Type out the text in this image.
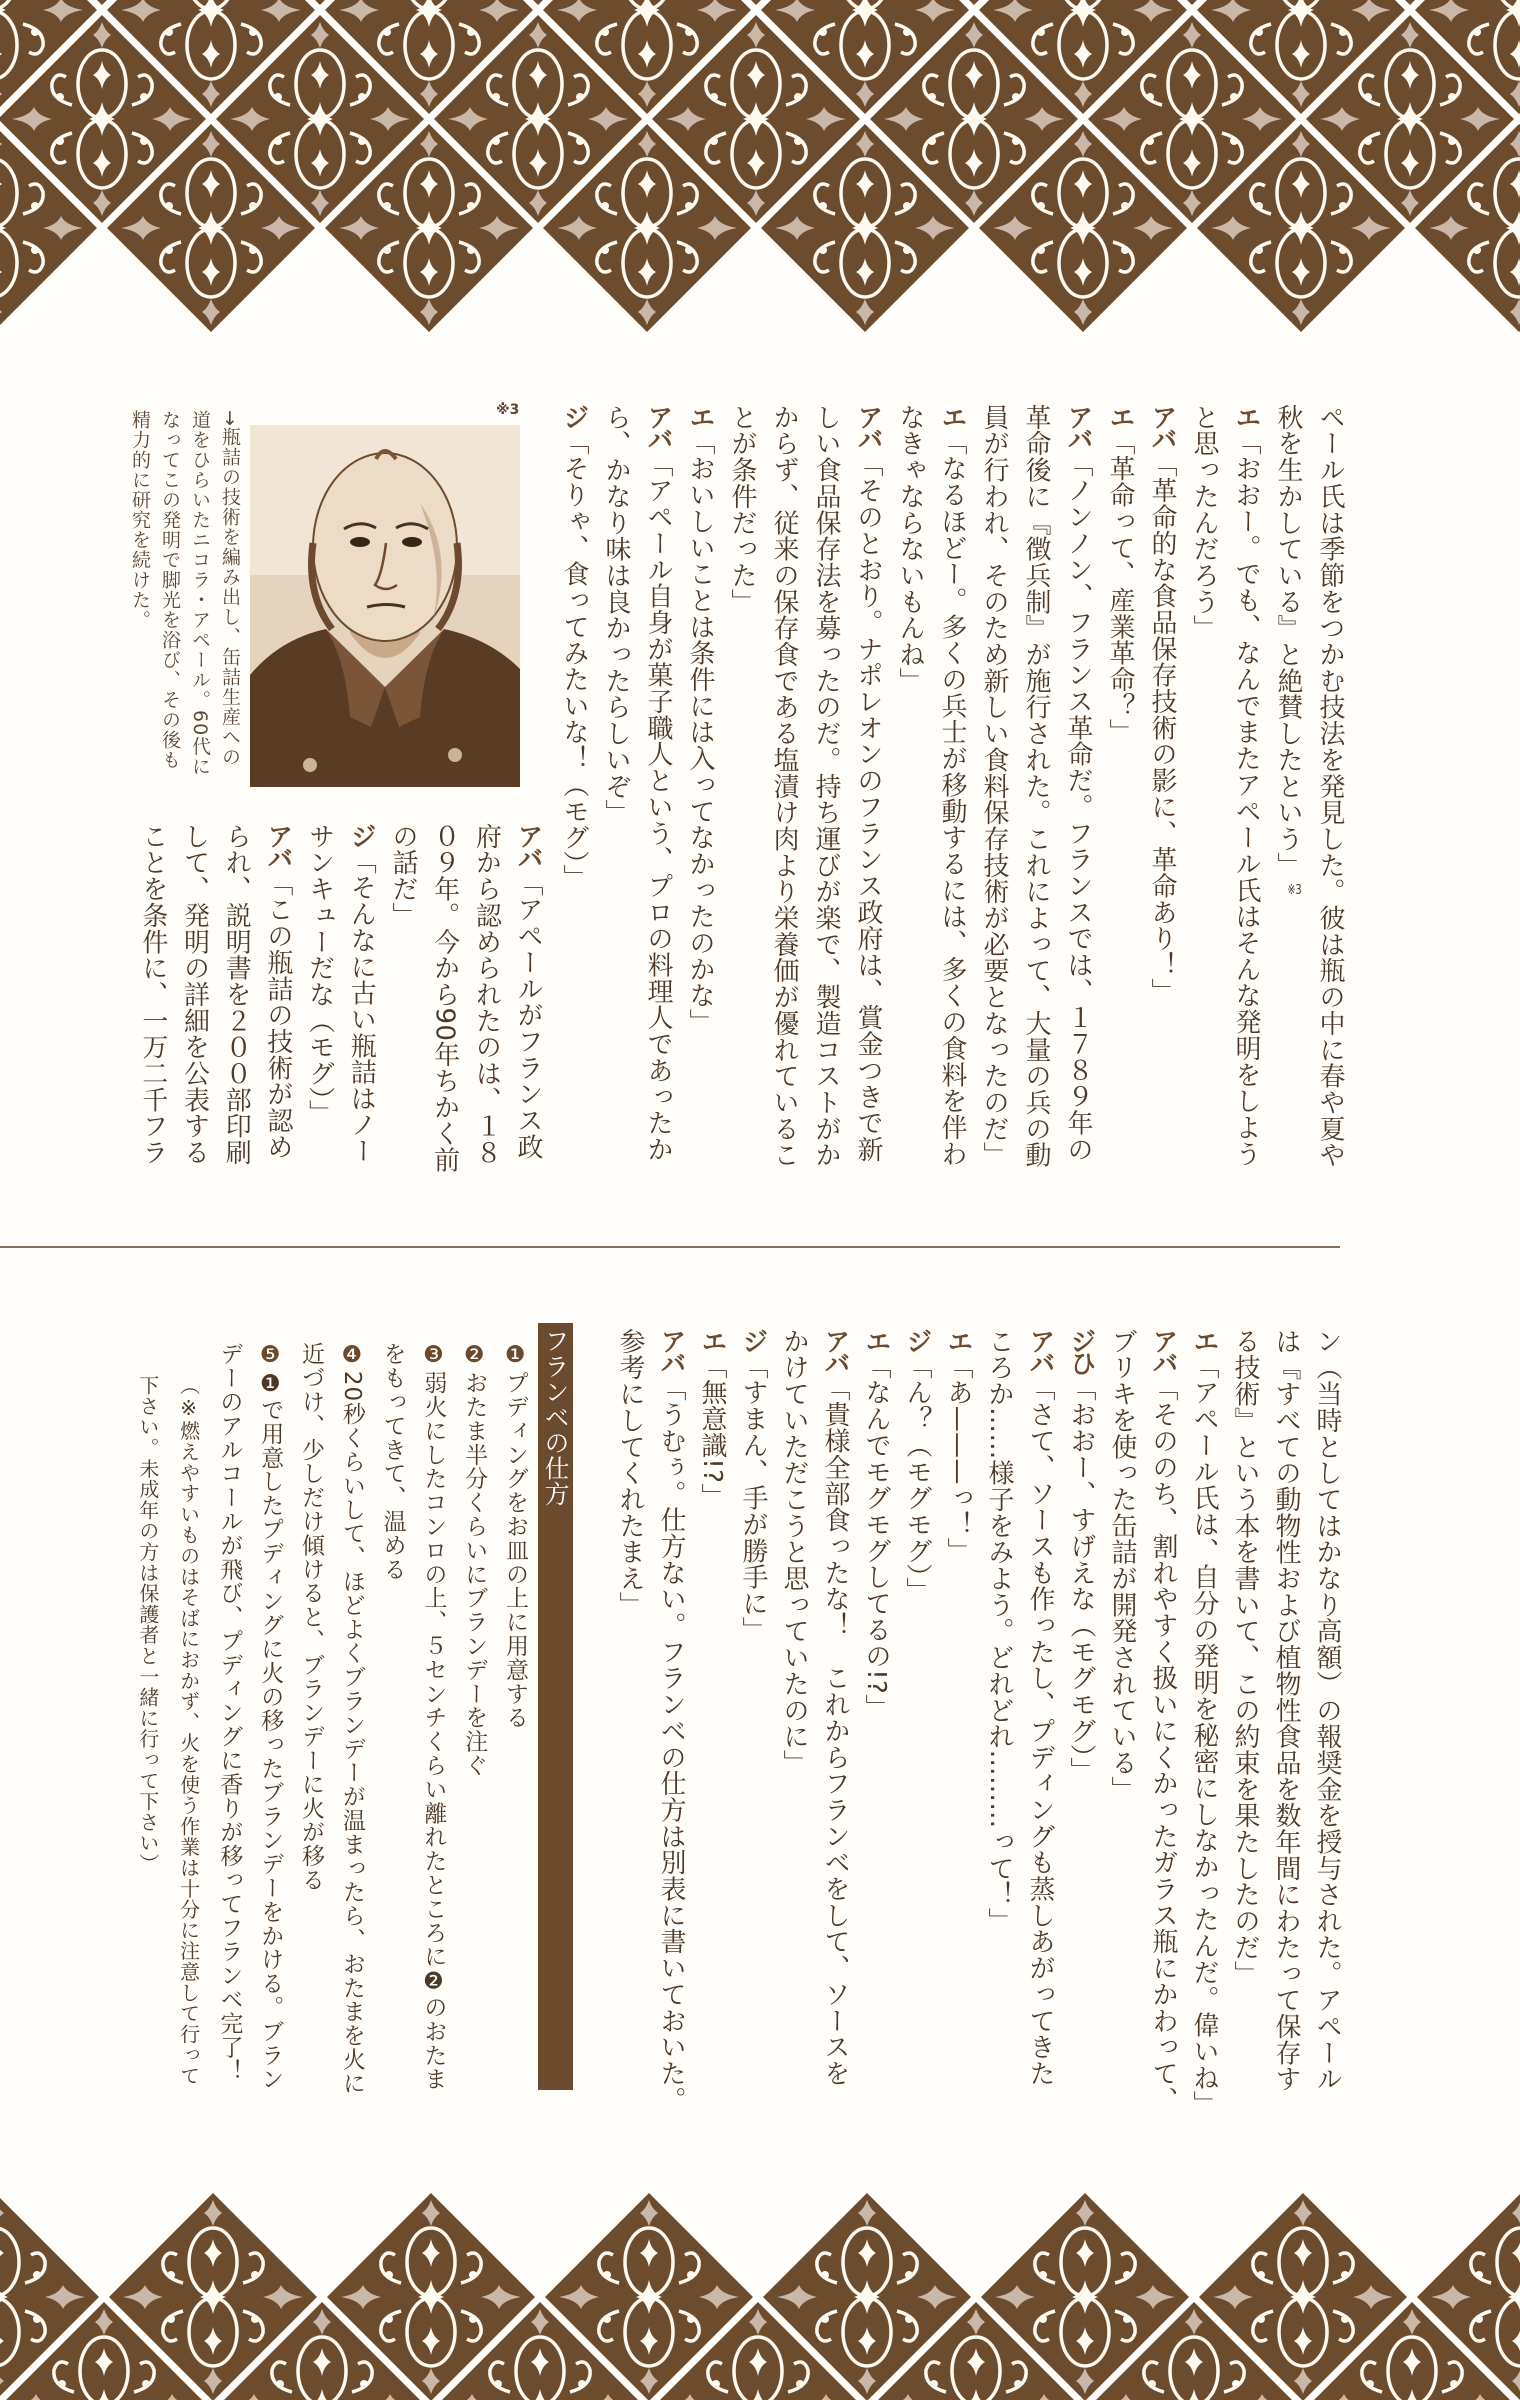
ペール氏は季節をつかむ技法を発見した。彼は瓶の中に春や夏や
秋を生かしている』と絶賛したという」※3
エ「おおー。でも、なんでまたアペール氏はそんな発明をしよう
と思ったんだろう」
アバ「革命的な食品保存技術の影に、革命あり！」
エ「革命って、産業革命？」
アバ「ノンノン、フランス革命だ。フランスでは、１７８９年の
革命後に『徴兵制』が施行された。これによって、大量の兵の動
員が行われ、そのため新しい食料保存技術が必要となったのだ」
エ「なるほどー。多くの兵士が移動するには、多くの食料を伴わ
なきゃならないもんね」
アバ「そのとおり。ナポレオンのフランス政府は、賞金つきで新
しい食品保存法を募ったのだ。持ち運びが楽で、製造コストがか
からず、従来の保存食である塩漬け肉より栄養価が優れているこ
とが条件だった」
エ「おいしいことは条件には入ってなかったのかな」
アバ「アペール自身が菓子職人という、プロの料理人であったか
ら、かなり味は良かったらしいぞ」
ジ「そりゃ、食ってみたいな！（モグ）」
※3
→瓶詰の技術を編み出し、缶詰生産への
道をひらいたニコラ・アペール。60代に
なってこの発明で脚光を浴び、その後も
精力的に研究を続けた。
アバ「アペールがフランス政
府から認められたのは、１８
０９年。今から90年ちかく前
の話だ」
ジ「そんなに古い瓶詰はノー
サンキューだな（モグ）」
アバ「この瓶詰の技術が認め
られ、説明書を２００部印刷
して、発明の詳細を公表する
ことを条件に、一万二千フラ
ン（当時としてはかなり高額）の報奨金を授与された。アペール
は『すべての動物性および植物性食品を数年間にわたって保存す
る技術』という本を書いて、この約束を果たしたのだ」
エ「アペール氏は、自分の発明を秘密にしなかったんだ。偉いね」
アバ「そののち、割れやすく扱いにくかったガラス瓶にかわって、
ブリキを使った缶詰が開発されている」
ジひ「おおー、すげえな（モグモグ）」
アバ「さて、ソースも作ったし、プディングも蒸しあがってきた
ころか……様子をみよう。どれどれ………って！」
エ「あ———っ！」
ジ「ん？（モグモグ）」
エ「なんでモグモグしてるの!?」
アバ「貴様全部食ったな！　これからフランベをして、ソースを
かけていただこうと思っていたのに」
ジ「すまん、手が勝手に」
エ「無意識!?」
アバ「うむぅ。仕方ない。フランベの仕方は別表に書いておいた。
参考にしてくれたまえ」
フランベの仕方
❶プディングをお皿の上に用意する
❷おたま半分くらいにブランデーを注ぐ
❸弱火にしたコンロの上、５センチくらい離れたところに❷のおたま
をもってきて、温める
❹20秒くらいして、ほどよくブランデーが温まったら、おたまを火に
近づけ、少しだけ傾けると、ブランデーに火が移る
❺❶で用意したプディングに火の移ったブランデーをかける。ブラン
デーのアルコールが飛び、プディングに香りが移ってフランベ完了！
（※燃えやすいものはそばにおかず、火を使う作業は十分に注意して行って
下さい。未成年の方は保護者と一緒に行って下さい）
